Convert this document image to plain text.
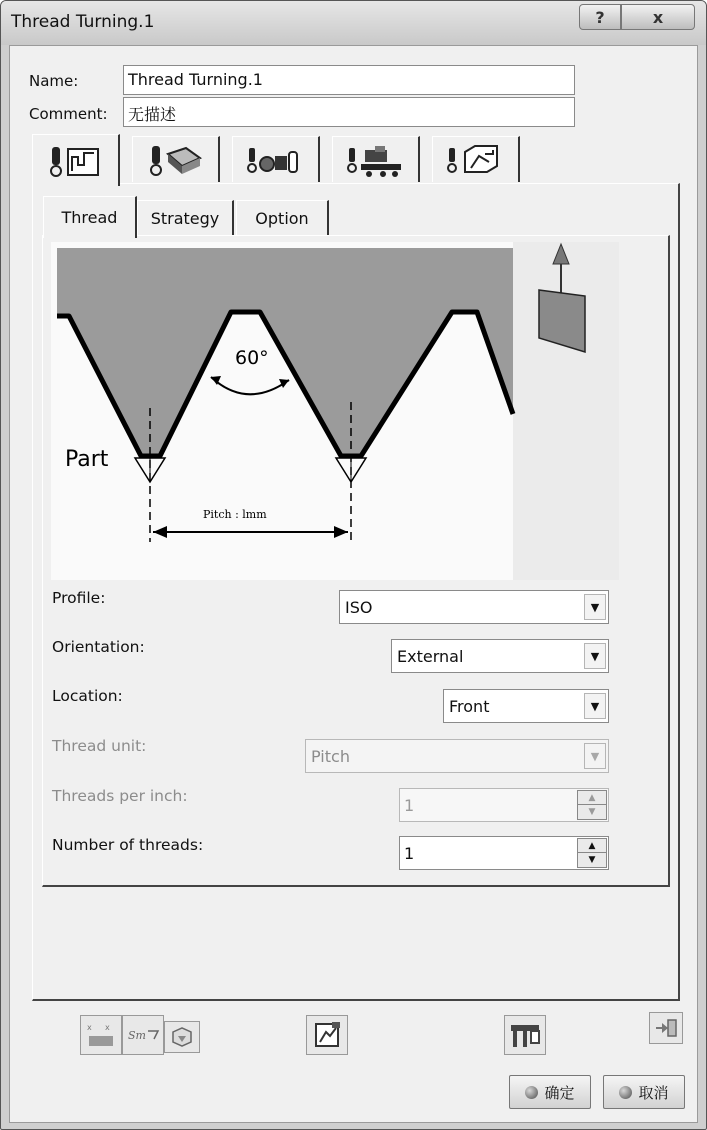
Thread Turning.1	?	x
Name:	Thread Turning.1
Comment:	无描述
Thread	Strategy	Option
60°
Part
Pitch : lmm
Profile:	ISO	▼
Orientation:	External	▼
Location:
Front	▼
Thread unit:
Pitch	▼
Threads per inch:	1	▲
▼
Number of threads:	1	▲
▼
x x
Sm
确定	取消
